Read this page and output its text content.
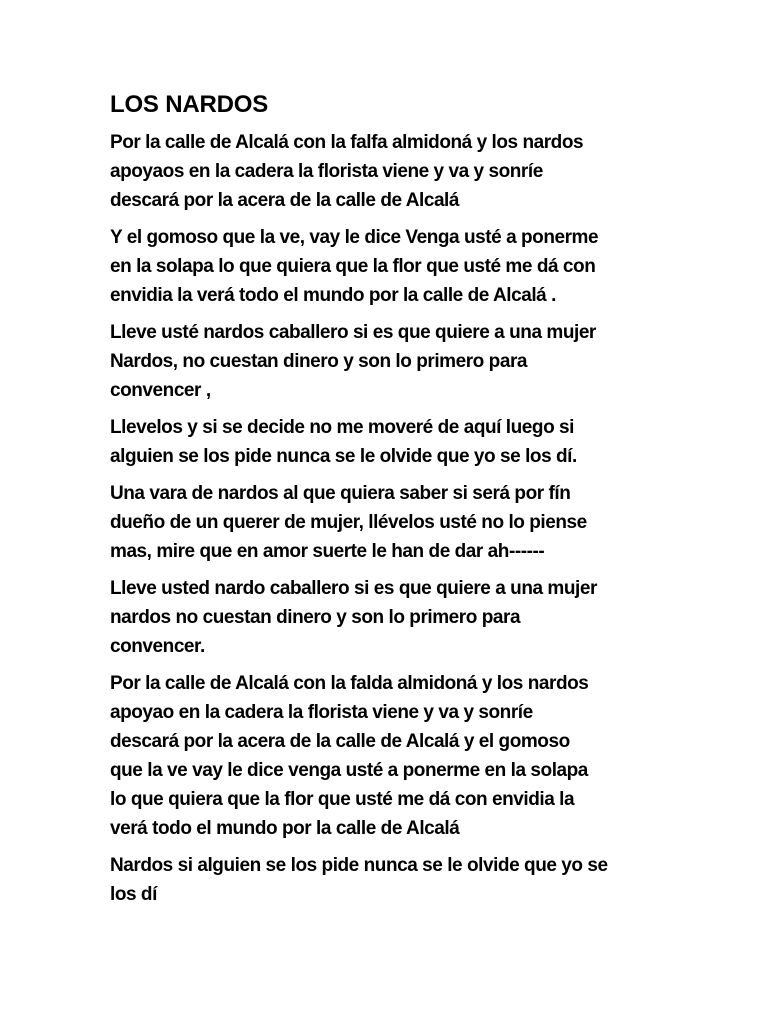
LOS NARDOS

Por la calle de Alcalá con la falfa almidoná y los nardos
apoyaos en la cadera la florista viene y va y sonríe
descará por la acera de la calle de Alcalá

Y el gomoso que la ve, vay le dice Venga usté a ponerme
en la solapa lo que quiera que la flor que usté me dá con
envidia la verá todo el mundo por la calle de Alcalá .

Lleve usté nardos caballero si es que quiere a una mujer
Nardos, no cuestan dinero y son lo primero para
convencer ,

Llevelos y si se decide no me moveré de aquí luego si
alguien se los pide nunca se le olvide que yo se los dí.

Una vara de nardos al que quiera saber si será por fín
dueño de un querer de mujer, llévelos usté no lo piense
mas, mire que en amor suerte le han de dar ah------

Lleve usted nardo caballero si es que quiere a una mujer
nardos no cuestan dinero y son lo primero para
convencer.

Por la calle de Alcalá con la falda almidoná y los nardos
apoyao en la cadera la florista viene y va y sonríe
descará por la acera de la calle de Alcalá y el gomoso
que la ve vay le dice venga usté a ponerme en la solapa
lo que quiera que la flor que usté me dá con envidia la
verá todo el mundo por la calle de Alcalá

Nardos si alguien se los pide nunca se le olvide que yo se
los dí
